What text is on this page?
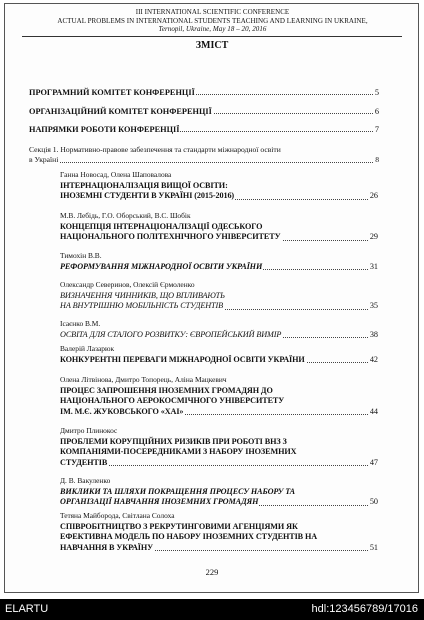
III INTERNATIONAL SCIENTIFIC CONFERENCE
ACTUAL PROBLEMS IN INTERNATIONAL STUDENTS TEACHING AND LEARNING IN UKRAINE,
Ternopil, Ukraine, May 18 – 20, 2016
ЗМІСТ
ПРОГРАМНИЙ КОМІТЕТ КОНФЕРЕНЦІЇ	5
ОРГАНІЗАЦІЙНИЙ КОМІТЕТ КОНФЕРЕНЦІЇ	6
НАПРЯМКИ РОБОТИ КОНФЕРЕНЦІЇ	7
Секція 1. Нормативно-правове забезпечення та стандарти міжнародної освіти
в Україні	8
Ганна Новосад, Олена Шаповалова
ІНТЕРНАЦІОНАЛІЗАЦІЯ ВИЩОЇ ОСВІТИ:
ІНОЗЕМНІ СТУДЕНТИ В УКРАЇНІ (2015-2016)	26
М.В. Лебідь, Г.О. Оборський, В.С. Шобік
КОНЦЕПЦІЯ ІНТЕРНАЦІОНАЛІЗАЦІЇ ОДЕСЬКОГО
НАЦІОНАЛЬНОГО ПОЛІТЕХНІЧНОГО УНІВЕРСИТЕТУ	29
Тимохін В.В.
РЕФОРМУВАННЯ МІЖНАРОДНОЇ ОСВІТИ УКРАЇНИ	31
Олександр Северинов, Олексій Єрмоленко
ВИЗНАЧЕННЯ ЧИННИКІВ, ЩО ВПЛИВАЮТЬ
НА ВНУТРІШНЮ МОБІЛЬНІСТЬ СТУДЕНТІВ	35
Ісаєнко В.М.
ОСВІТА ДЛЯ СТАЛОГО РОЗВИТКУ: ЄВРОПЕЙСЬКИЙ ВИМІР	38
Валерій Лазарюк
КОНКУРЕНТНІ ПЕРЕВАГИ МІЖНАРОДНОЇ ОСВІТИ УКРАЇНИ	42
Олена Літвінова, Дмитро Топорець, Аліна Мацкевич
ПРОЦЕС ЗАПРОШЕННЯ ІНОЗЕМНИХ ГРОМАДЯН ДО
НАЦІОНАЛЬНОГО АЕРОКОСМІЧНОГО УНІВЕРСИТЕТУ
ІМ. М.Є. ЖУКОВСЬКОГО «ХАІ»	44
Дмитро Плинокос
ПРОБЛЕМИ КОРУПЦІЙНИХ РИЗИКІВ ПРИ РОБОТІ ВНЗ З
КОМПАНІЯМИ-ПОСЕРЕДНИКАМИ З НАБОРУ ІНОЗЕМНИХ
СТУДЕНТІВ	47
Д. В. Вакуленко
ВИКЛИКИ ТА ШЛЯХИ ПОКРАЩЕННЯ ПРОЦЕСУ НАБОРУ ТА
ОРГАНІЗАЦІЇ НАВЧАННЯ ІНОЗЕМНИХ ГРОМАДЯН	50
Тетяна Майборода, Світлана Солоха
СПІВРОБІТНИЦТВО З РЕКРУТИНГОВИМИ АГЕНЦІЯМИ ЯК
ЕФЕКТИВНА МОДЕЛЬ ПО НАБОРУ ІНОЗЕМНИХ СТУДЕНТІВ НА
НАВЧАННЯ В УКРАЇНУ	51
229
ELARTU	hdl:123456789/17016
